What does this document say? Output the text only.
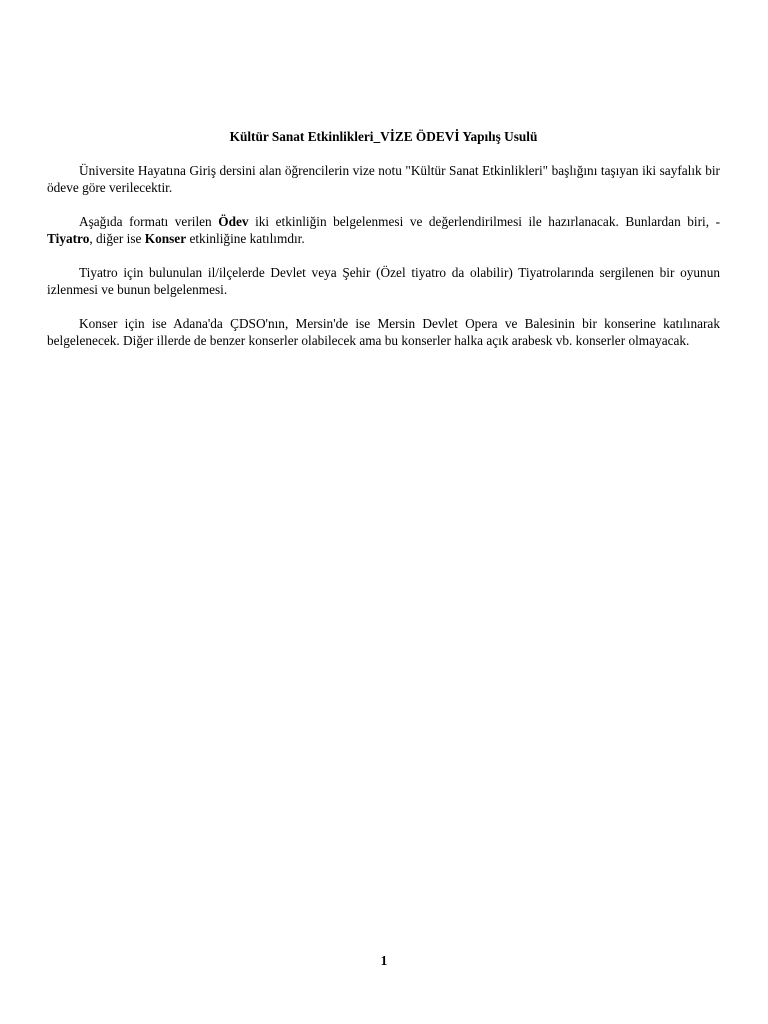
Kültür Sanat Etkinlikleri_VİZE ÖDEVİ Yapılış Usulü

Üniversite Hayatına Giriş dersini alan öğrencilerin vize notu "Kültür Sanat Etkinlikleri" başlığını taşıyan iki sayfalık bir ödeve göre verilecektir.

Aşağıda formatı verilen Ödev iki etkinliğin belgelenmesi ve değerlendirilmesi ile hazırlanacak. Bunlardan biri, - Tiyatro, diğer ise Konser etkinliğine katılımdır.

Tiyatro için bulunulan il/ilçelerde Devlet veya Şehir (Özel tiyatro da olabilir) Tiyatrolarında sergilenen bir oyunun izlenmesi ve bunun belgelenmesi.

Konser için ise Adana'da ÇDSO'nın, Mersin'de ise Mersin Devlet Opera ve Balesinin bir konserine katılınarak belgelenecek. Diğer illerde de benzer konserler olabilecek ama bu konserler halka açık arabesk vb. konserler olmayacak.

1
